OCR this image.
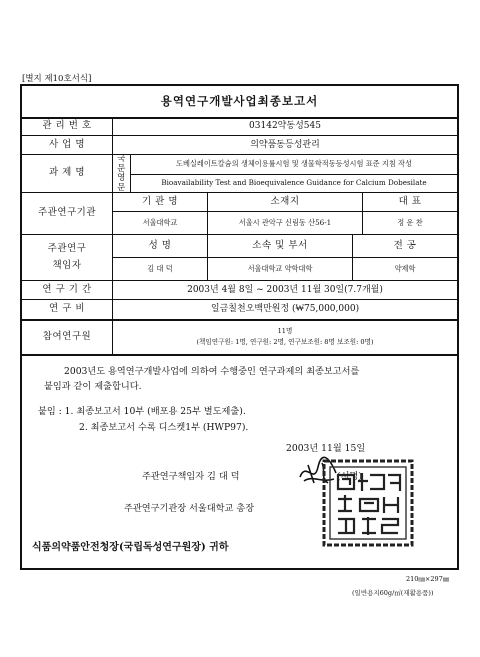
[별지 제10호서식]
용역연구개발사업최종보고서
관 리 번 호	03142약동성545
사 업 명	의약품동등성관리
과 제 명
국문	도베실레이트칼슘의 생체이용률시험 및 생물학적동등성시험 표준 지침 작성
영문	Bioavailability Test and Bioequivalence Guidance for Calcium Dobesilate
주관연구기관
기 관 명	소재지	대 표
서울대학교	서울시 관악구 신림동 산56-1	정 운 찬
주관연구
책임자
성 명	소속 및 부서	전 공
김 대 덕	서울대학교 약학대학	약제학
연 구 기 간	2003년 4월 8일 ~ 2003년 11월 30일(7.7개월)
연 구 비	일금칠천오백만원정 (₩75,000,000)
참여연구원	11명
(책임연구원: 1명, 연구원: 2명, 연구보조원: 8명 보조원: 0명)
2003년도 용역연구개발사업에 의하여 수행중인 연구과제의 최종보고서를
붙임과 같이 제출합니다.
붙임 : 1. 최종보고서 10부 (배포용 25부 별도제출).
2. 최종보고서 수록 디스켓1부 (HWP97).
2003년 11월 15일
주관연구책임자 김 대 덕	(서명)
주관연구기관장 서울대학교 총장
식품의약품안전청장(국립독성연구원장) 귀하
210㎜×297㎜
(일반용지60g/㎡(재활용품))
